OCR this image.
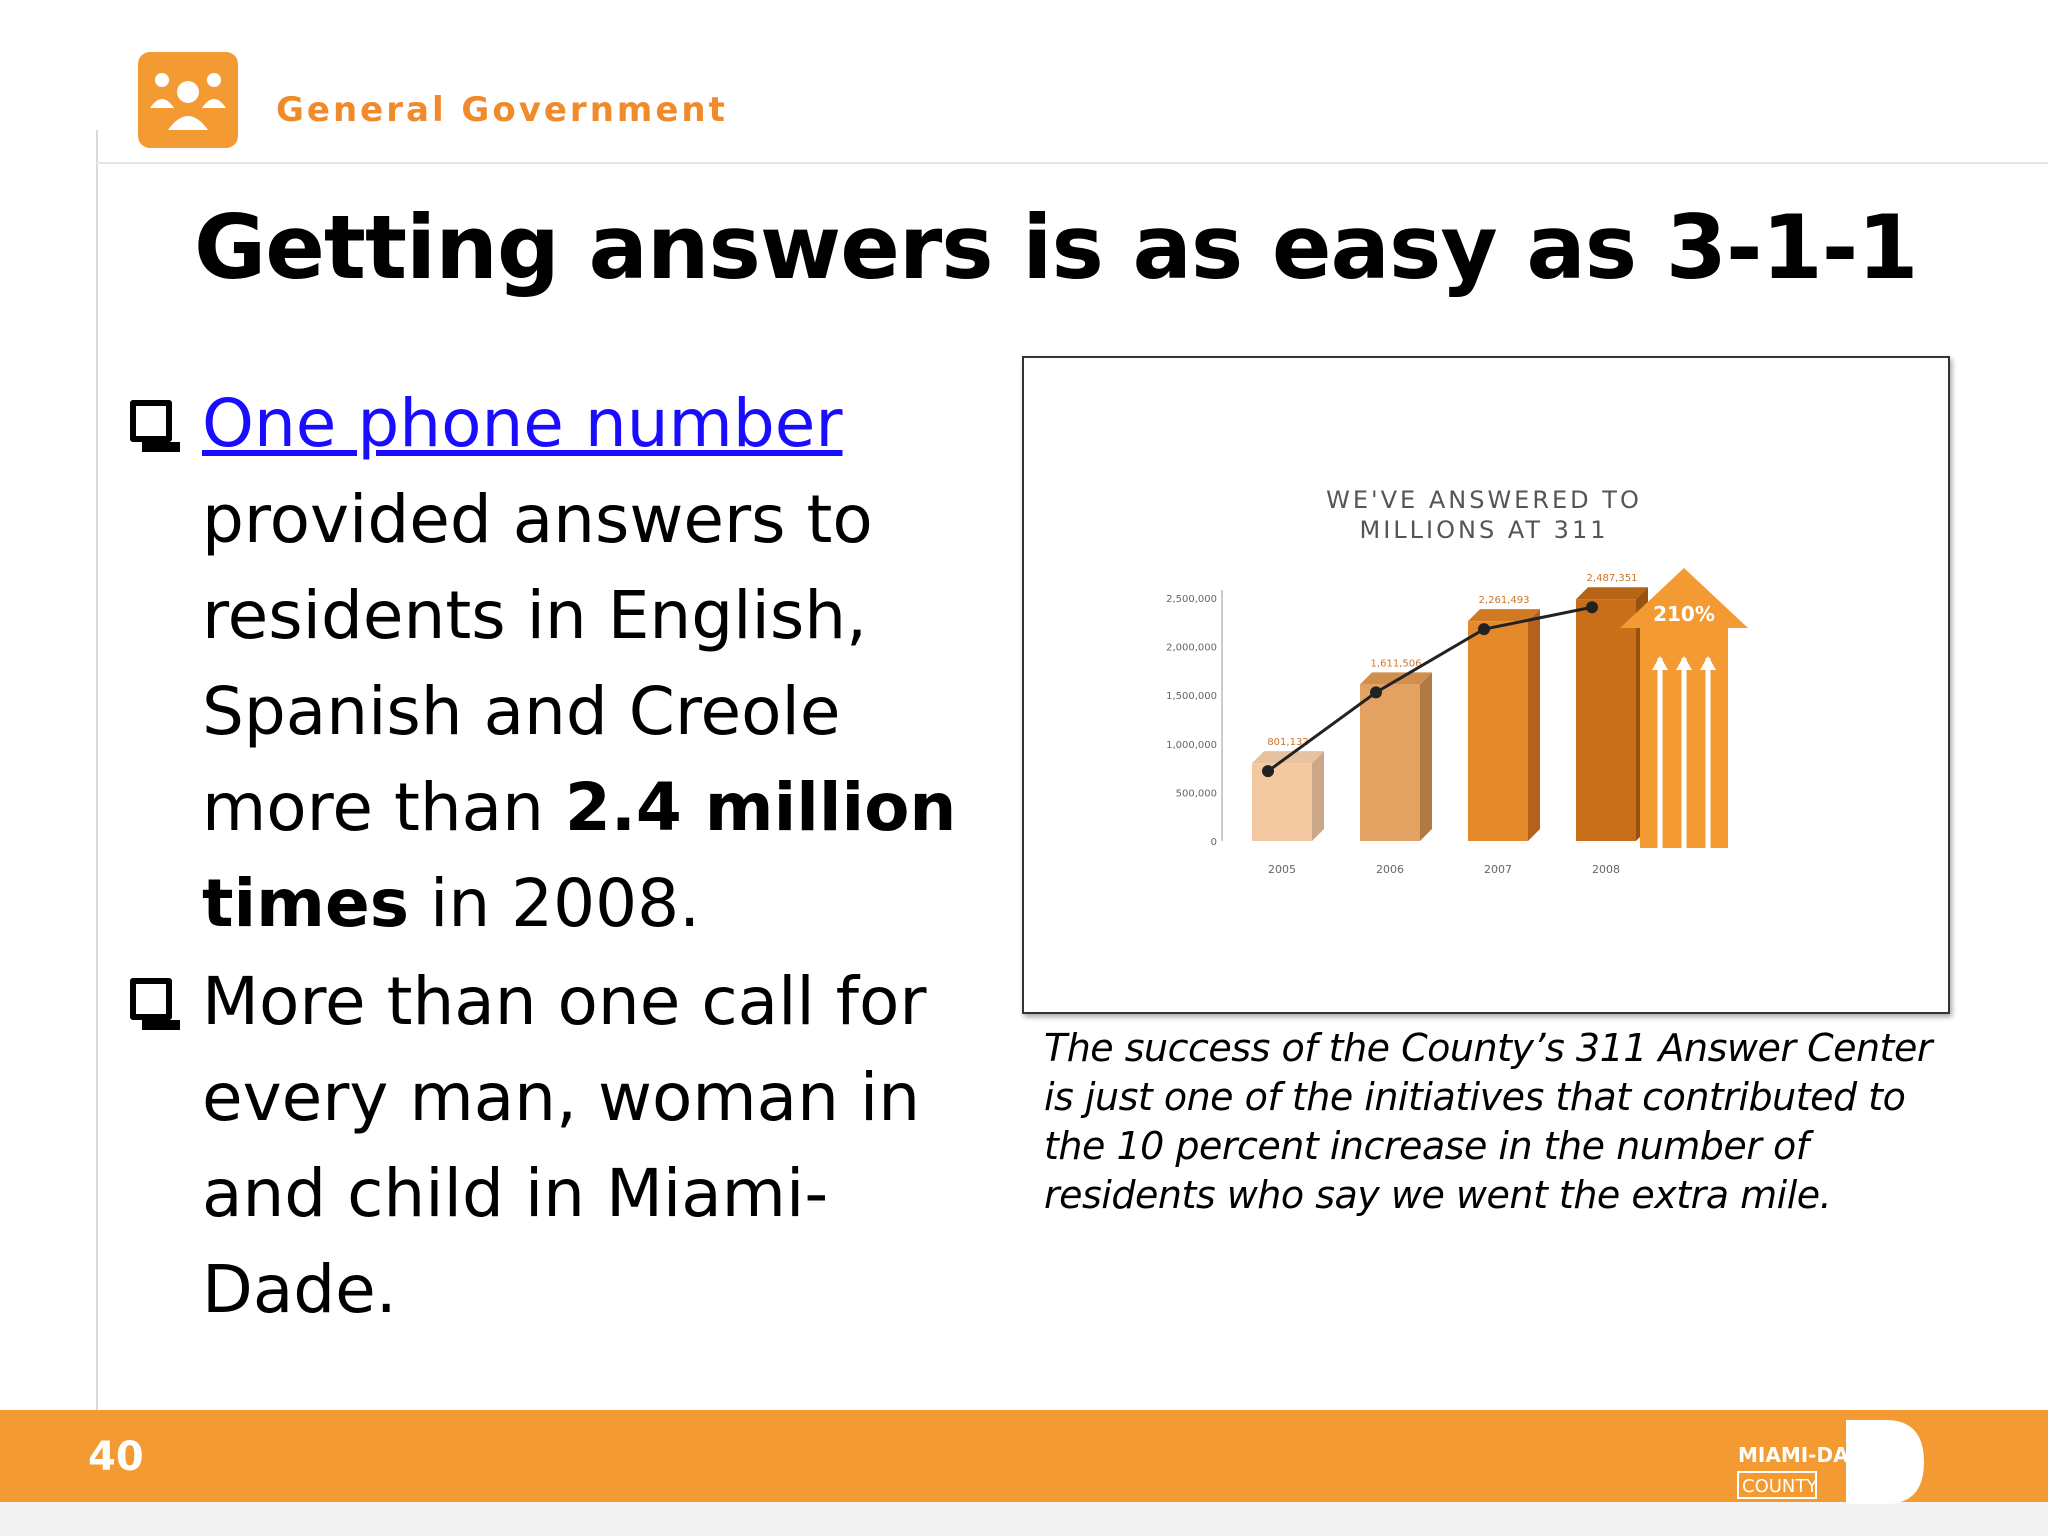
General Government
Getting answers is as easy as 3-1-1

One phone number provided answers to residents in English, Spanish and Creole more than 2.4 million times in 2008.

More than one call for every man, woman in and child in Miami-Dade.

WE'VE ANSWERED TO
MILLIONS AT 311
0
500,000
1,000,000
1,500,000
2,000,000
2,500,000
801,132
2005
1,611,506
2006
2,261,493
2007
2,487,351
2008
210%
The success of the County’s 311 Answer Center is just one of the initiatives that contributed to the 10 percent increase in the number of residents who say we went the extra mile.
40	MIAMI-DADE
COUNTY
